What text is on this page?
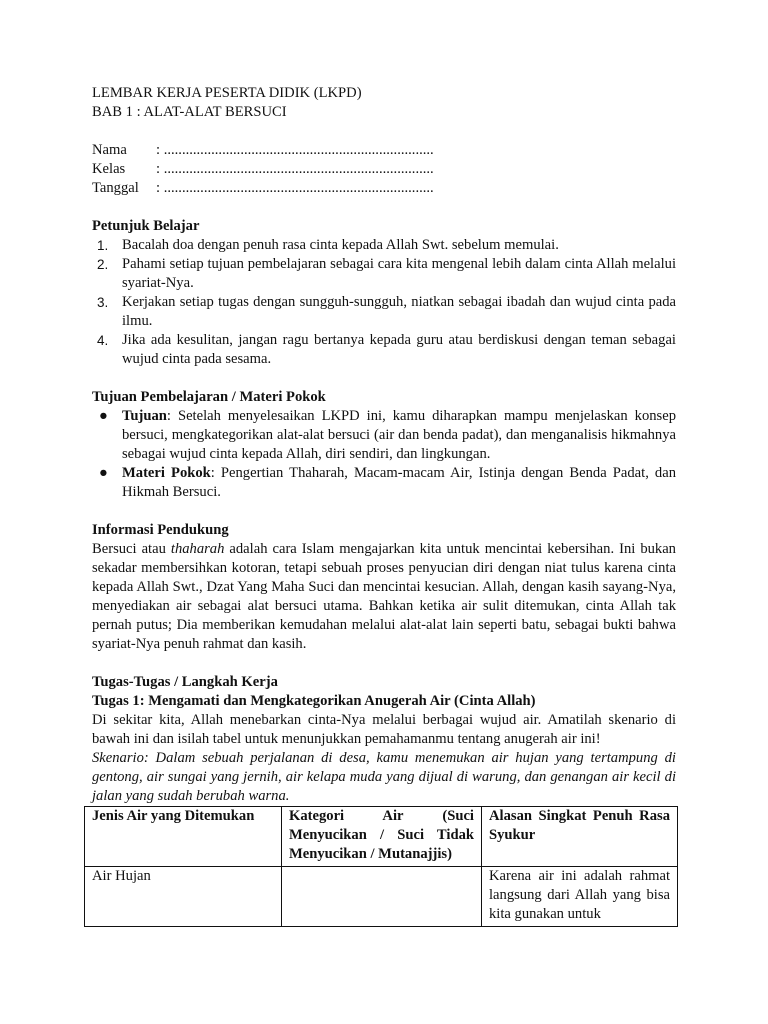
LEMBAR KERJA PESERTA DIDIK (LKPD)

BAB 1 : ALAT-ALAT BERSUCI

Nama	: ..........................................................................
Kelas	: ..........................................................................
Tanggal	: ..........................................................................

Petunjuk Belajar

1. Bacalah doa dengan penuh rasa cinta kepada Allah Swt. sebelum memulai.
2. Pahami setiap tujuan pembelajaran sebagai cara kita mengenal lebih dalam cinta Allah melalui syariat-Nya.
3. Kerjakan setiap tugas dengan sungguh-sungguh, niatkan sebagai ibadah dan wujud cinta pada ilmu.
4. Jika ada kesulitan, jangan ragu bertanya kepada guru atau berdiskusi dengan teman sebagai wujud cinta pada sesama.

Tujuan Pembelajaran / Materi Pokok

● Tujuan: Setelah menyelesaikan LKPD ini, kamu diharapkan mampu menjelaskan konsep bersuci, mengkategorikan alat-alat bersuci (air dan benda padat), dan menganalisis hikmahnya sebagai wujud cinta kepada Allah, diri sendiri, dan lingkungan.
● Materi Pokok: Pengertian Thaharah, Macam-macam Air, Istinja dengan Benda Padat, dan Hikmah Bersuci.

Informasi Pendukung

Bersuci atau thaharah adalah cara Islam mengajarkan kita untuk mencintai kebersihan. Ini bukan sekadar membersihkan kotoran, tetapi sebuah proses penyucian diri dengan niat tulus karena cinta kepada Allah Swt., Dzat Yang Maha Suci dan mencintai kesucian. Allah, dengan kasih sayang-Nya, menyediakan air sebagai alat bersuci utama. Bahkan ketika air sulit ditemukan, cinta Allah tak pernah putus; Dia memberikan kemudahan melalui alat-alat lain seperti batu, sebagai bukti bahwa syariat-Nya penuh rahmat dan kasih.

Tugas-Tugas / Langkah Kerja

Tugas 1: Mengamati dan Mengkategorikan Anugerah Air (Cinta Allah)

Di sekitar kita, Allah menebarkan cinta-Nya melalui berbagai wujud air. Amatilah skenario di bawah ini dan isilah tabel untuk menunjukkan pemahamanmu tentang anugerah air ini!

Skenario: Dalam sebuah perjalanan di desa, kamu menemukan air hujan yang tertampung di gentong, air sungai yang jernih, air kelapa muda yang dijual di warung, dan genangan air kecil di jalan yang sudah berubah warna.

Jenis Air yang Ditemukan	Kategori Air (Suci Menyucikan / Suci Tidak Menyucikan / Mutanajjis)	Alasan Singkat Penuh Rasa Syukur

Air Hujan		Karena air ini adalah rahmat langsung dari Allah yang bisa kita gunakan untuk
